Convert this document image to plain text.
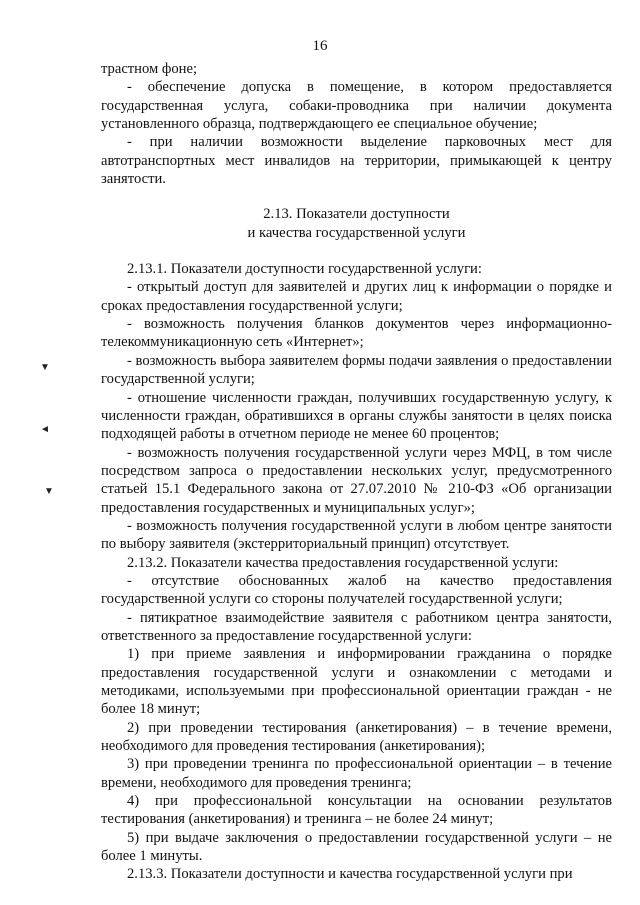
16
▼
◄
▼

трастном фоне;

- обеспечение допуска в помещение, в котором предоставляется государственная услуга, собаки-проводника при наличии документа установленного образца, подтверждающего ее специальное обучение;

- при наличии возможности выделение парковочных мест для автотранспортных мест инвалидов на территории, примыкающей к центру занятости.

2.13. Показатели доступности
и качества государственной услуги

2.13.1. Показатели доступности государственной услуги:

- открытый доступ для заявителей и других лиц к информации о порядке и сроках предоставления государственной услуги;

- возможность получения бланков документов через информационно-телекоммуникационную сеть «Интернет»;

- возможность выбора заявителем формы подачи заявления о предоставлении государственной услуги;

- отношение численности граждан, получивших государственную услугу, к численности граждан, обратившихся в органы службы занятости в целях поиска подходящей работы в отчетном периоде не менее 60 процентов;

- возможность получения государственной услуги через МФЦ, в том числе посредством запроса о предоставлении нескольких услуг, предусмотренного статьей 15.1 Федерального закона от 27.07.2010 № 210-ФЗ «Об организации предоставления государственных и муниципальных услуг»;

- возможность получения государственной услуги в любом центре занятости по выбору заявителя (экстерриториальный принцип) отсутствует.

2.13.2. Показатели качества предоставления государственной услуги:

- отсутствие обоснованных жалоб на качество предоставления государственной услуги со стороны получателей государственной услуги;

- пятикратное взаимодействие заявителя с работником центра занятости, ответственного за предоставление государственной услуги:

1) при приеме заявления и информировании гражданина о порядке предоставления государственной услуги и ознакомлении с методами и методиками, используемыми при профессиональной ориентации граждан - не более 18 минут;

2) при проведении тестирования (анкетирования) – в течение времени, необходимого для проведения тестирования (анкетирования);

3) при проведении тренинга по профессиональной ориентации – в течение времени, необходимого для проведения тренинга;

4) при профессиональной консультации на основании результатов тестирования (анкетирования) и тренинга – не более 24 минут;

5) при выдаче заключения о предоставлении государственной услуги – не более 1 минуты.

2.13.3. Показатели доступности и качества государственной услуги при
